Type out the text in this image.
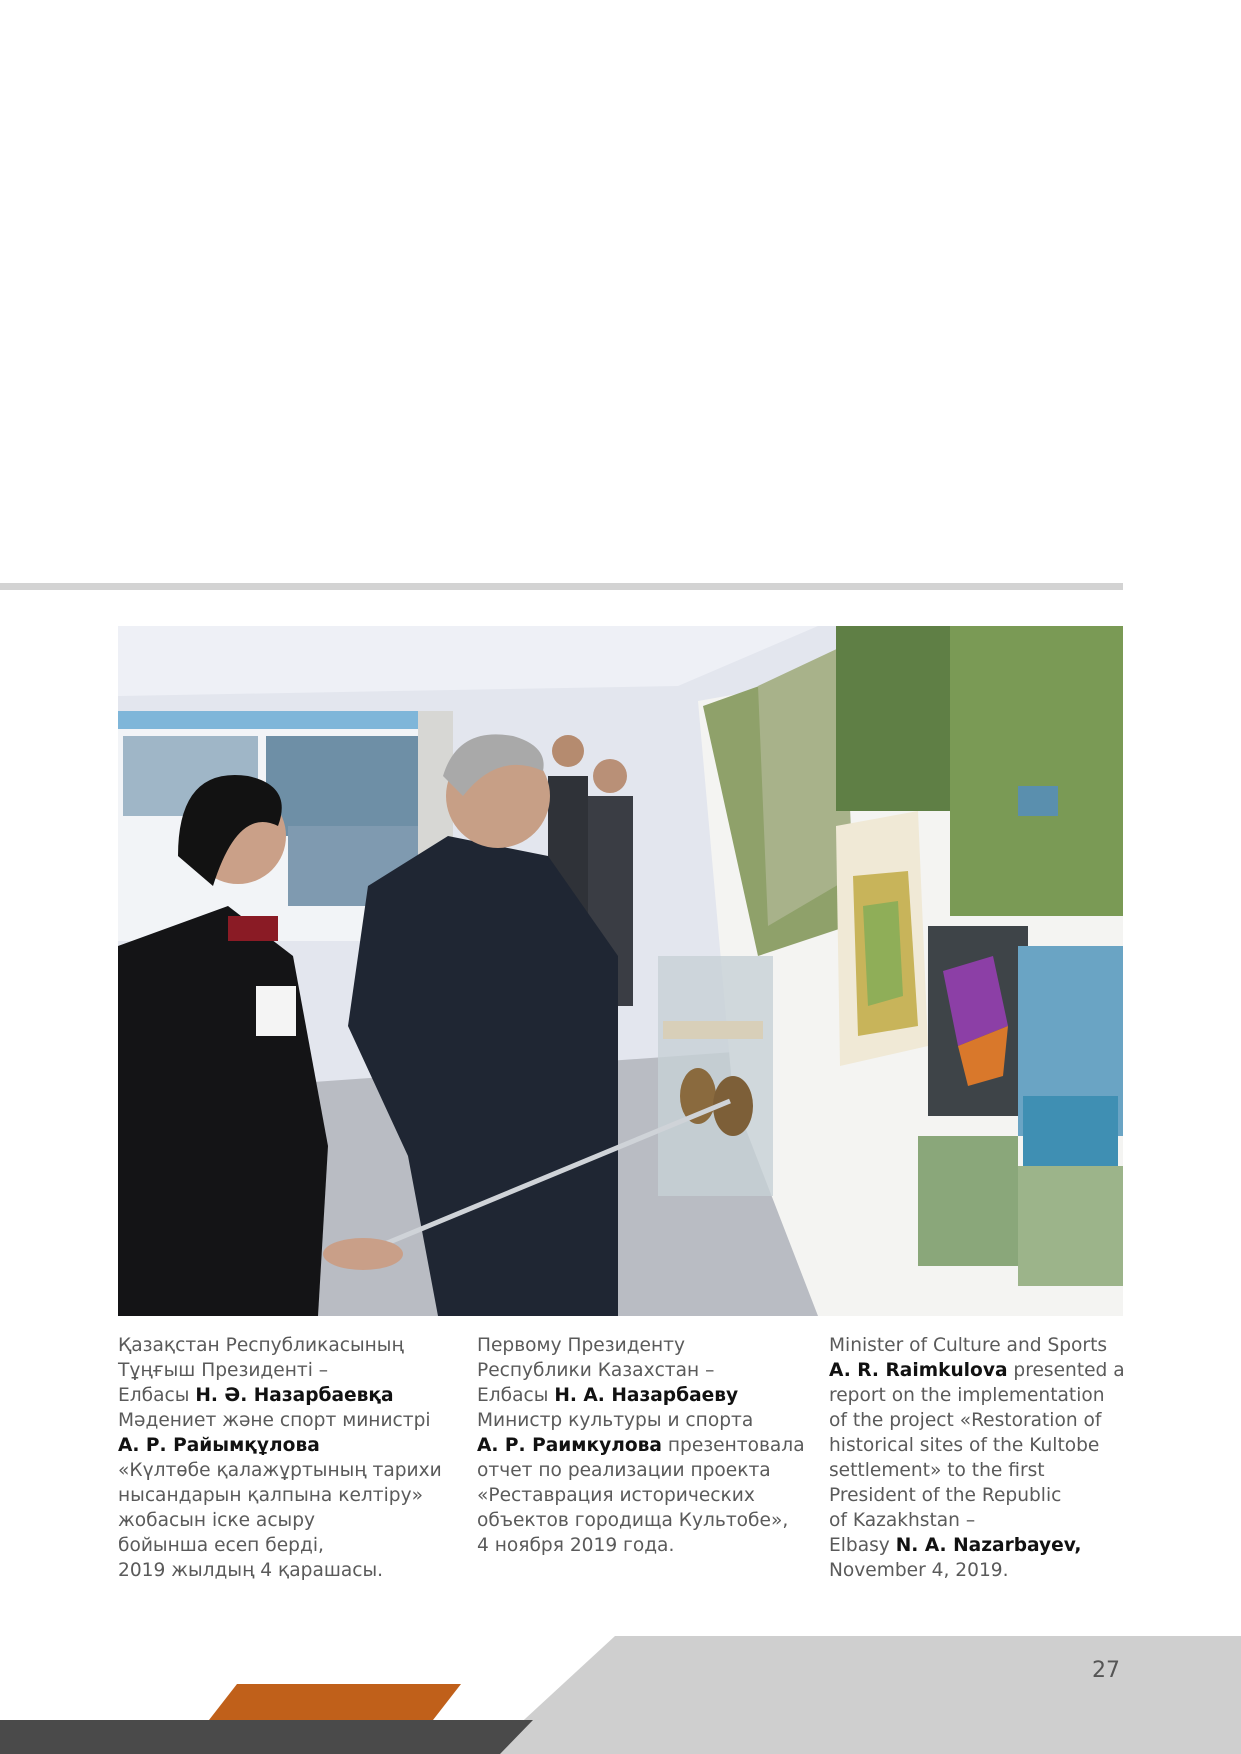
Қазақстан Республикасының
Тұңғыш Президенті –
Елбасы Н. Ә. Назарбаевқа
Мәдениет және спорт министрі
А. Р. Райымқұлова
«Күлтөбе қалажұртының тарихи
нысандарын қалпына келтіру»
жобасын іске асыру
бойынша есеп берді,
2019 жылдың 4 қарашасы.
Первому Президенту
Республики Казахстан –
Елбасы Н. А. Назарбаеву
Министр культуры и спорта
А. Р. Раимкулова презентовала
отчет по реализации проекта
«Реставрация исторических
объектов городища Культобе»,
4 ноября 2019 года.
Minister of Culture and Sports
A. R. Raimkulova presented a
report on the implementation
of the project «Restoration of
historical sites of the Kultobe
settlement» to the first
President of the Republic
of Kazakhstan –
Elbasy N. A. Nazarbayev,
November 4, 2019.
27
